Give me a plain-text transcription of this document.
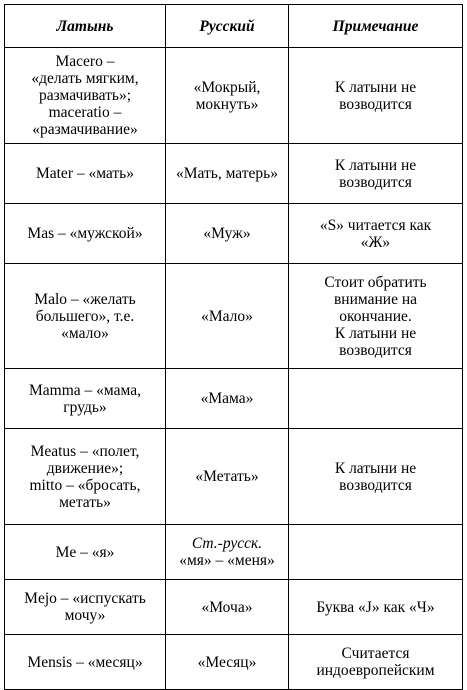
Латынь	Русский	Примечание
Macero –
«делать мягким,
размачивать»;
maceratio –
«размачивание»	«Мокрый,
мокнуть»	К латыни не
возводится
Mater – «мать»	«Мать, матерь»	К латыни не
возводится
Mas – «мужской»	«Муж»	«S» читается как
«Ж»
Malo – «желать
большего», т.е.
«мало»	«Мало»	Стоит обратить
внимание на
окончание.
К латыни не
возводится
Mamma – «мама,
грудь»	«Мама»	
Meatus – «полет,
движение»;
mitto – «бросать,
метать»	«Метать»	К латыни не
возводится
Me – «я»	Ст.-русск.
«мя» – «меня»	
Mejo – «испускать
мочу»	«Моча»	Буква «J» как «Ч»
Mensis – «месяц»	«Месяц»	Считается
индоевропейским
